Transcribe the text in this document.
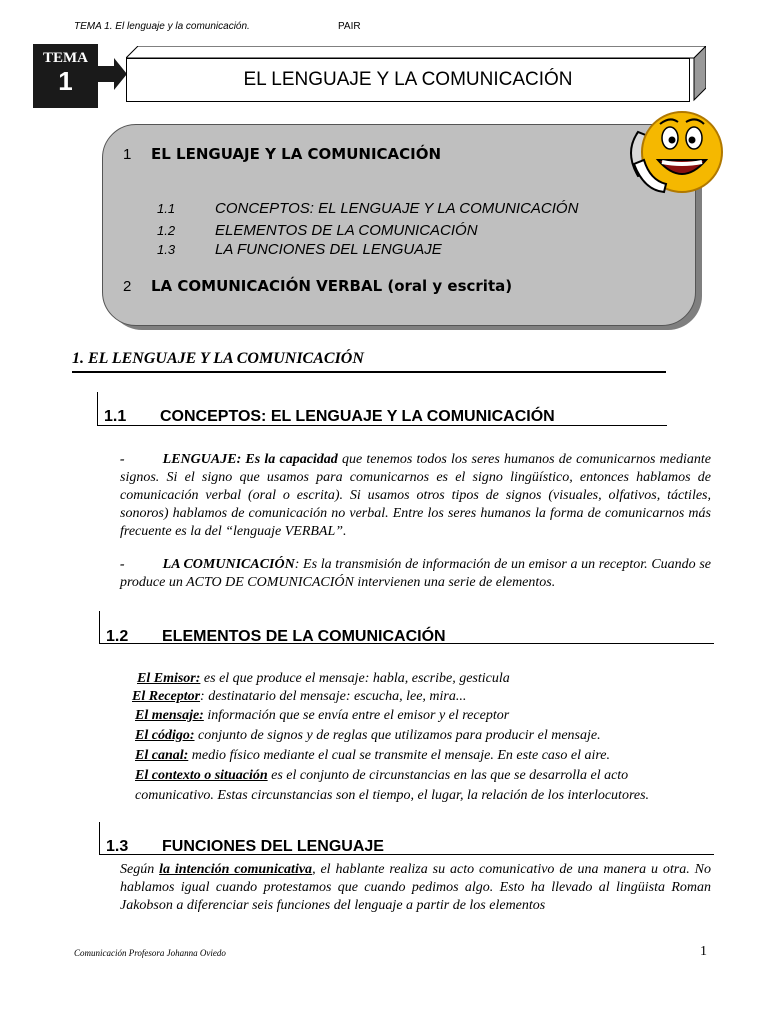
TEMA 1. El lenguaje y la comunicación.	PAIR
TEMA
1	EL LENGUAJE Y LA COMUNICACIÓN
1 EL LENGUAJE Y LA COMUNICACIÓN
1.1	CONCEPTOS: EL LENGUAJE Y LA COMUNICACIÓN
1.2	ELEMENTOS DE LA COMUNICACIÓN
1.3	LA FUNCIONES DEL LENGUAJE
2 LA COMUNICACIÓN VERBAL (oral y escrita)
1. EL LENGUAJE Y LA COMUNICACIÓN
1.1 CONCEPTOS: EL LENGUAJE Y LA COMUNICACIÓN
-	LENGUAJE: Es la capacidad que tenemos todos los seres humanos de comunicarnos mediante signos. Si el signo que usamos para comunicarnos es el signo lingüístico, entonces hablamos de comunicación verbal (oral o escrita). Si usamos otros tipos de signos (visuales, olfativos, táctiles, sonoros) hablamos de comunicación no verbal. Entre los seres humanos la forma de comunicarnos más frecuente es la del “lenguaje VERBAL”.
-	LA COMUNICACIÓN: Es la transmisión de información de un emisor a un receptor. Cuando se produce un ACTO DE COMUNICACIÓN intervienen una serie de elementos.
1.2 ELEMENTOS DE LA COMUNICACIÓN
El Emisor: es el que produce el mensaje: habla, escribe, gesticula
El Receptor: destinatario del mensaje: escucha, lee, mira...
El mensaje: información que se envía entre el emisor y el receptor
El código: conjunto de signos y de reglas que utilizamos para producir el mensaje.
El canal: medio físico mediante el cual se transmite el mensaje. En este caso el aire.
El contexto o situación es el conjunto de circunstancias en las que se desarrolla el acto
comunicativo. Estas circunstancias son el tiempo, el lugar, la relación de los interlocutores.
1.3 FUNCIONES DEL LENGUAJE
Según la intención comunicativa, el hablante realiza su acto comunicativo de una manera u otra. No hablamos igual cuando protestamos que cuando pedimos algo. Esto ha llevado al lingüista Roman Jakobson a diferenciar seis funciones del lenguaje a partir de los elementos
Comunicación Profesora Johanna Oviedo	1
